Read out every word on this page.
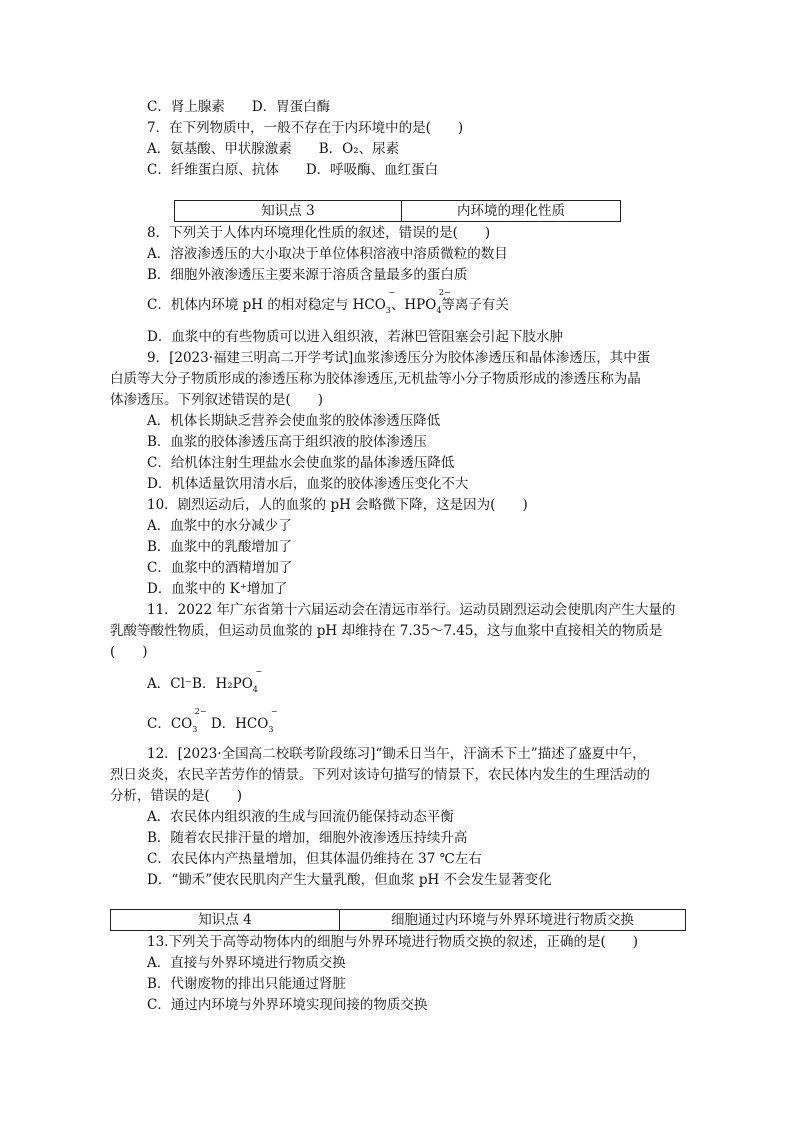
C．肾上腺素　　D．胃蛋白酶
7．在下列物质中，一般不存在于内环境中的是(　　)
A．氨基酸、甲状腺激素　　B．O₂、尿素
C．纤维蛋白原、抗体　　D．呼吸酶、血红蛋白
知识点 3	内环境的理化性质
8．下列关于人体内环境理化性质的叙述，错误的是(　　)
A．溶液渗透压的大小取决于单位体积溶液中溶质微粒的数目
B．细胞外液渗透压主要来源于溶质含量最多的蛋白质
C．机体内环境 pH 的相对稳定与 HCO
−
$_3$、HPO
2−
$_4$等离子有关
D．血浆中的有些物质可以进入组织液，若淋巴管阻塞会引起下肢水肿
9．[2023·福建三明高二开学考试]血浆渗透压分为胶体渗透压和晶体渗透压，其中蛋
白质等大分子物质形成的渗透压称为胶体渗透压,无机盐等小分子物质形成的渗透压称为晶
体渗透压。下列叙述错误的是(　　)
A．机体长期缺乏营养会使血浆的胶体渗透压降低
B．血浆的胶体渗透压高于组织液的胶体渗透压
C．给机体注射生理盐水会使血浆的晶体渗透压降低
D．机体适量饮用清水后，血浆的胶体渗透压变化不大
10．剧烈运动后，人的血浆的 pH 会略微下降，这是因为(　　)
A．血浆中的水分减少了
B．血浆中的乳酸增加了
C．血浆中的酒精增加了
D．血浆中的 K⁺增加了
11．2022 年广东省第十六届运动会在清远市举行。运动员剧烈运动会使肌肉产生大量的
乳酸等酸性物质，但运动员血浆的 pH 却维持在 7.35～7.45，这与血浆中直接相关的物质是
(　　)
A．Cl⁻B．H₂PO
−
$_4$
C．CO
2−
$_3$　D．HCO
−
$_3$
12．[2023·全国高二校联考阶段练习]“锄禾日当午，汗滴禾下土”描述了盛夏中午，
烈日炎炎，农民辛苦劳作的情景。下列对该诗句描写的情景下，农民体内发生的生理活动的
分析，错误的是(　　)
A．农民体内组织液的生成与回流仍能保持动态平衡
B．随着农民排汗量的增加，细胞外液渗透压持续升高
C．农民体内产热量增加，但其体温仍维持在 37 ℃左右
D．“锄禾”使农民肌肉产生大量乳酸，但血浆 pH 不会发生显著变化
知识点 4	细胞通过内环境与外界环境进行物质交换
13.下列关于高等动物体内的细胞与外界环境进行物质交换的叙述，正确的是(　　)
A．直接与外界环境进行物质交换
B．代谢废物的排出只能通过肾脏
C．通过内环境与外界环境实现间接的物质交换
